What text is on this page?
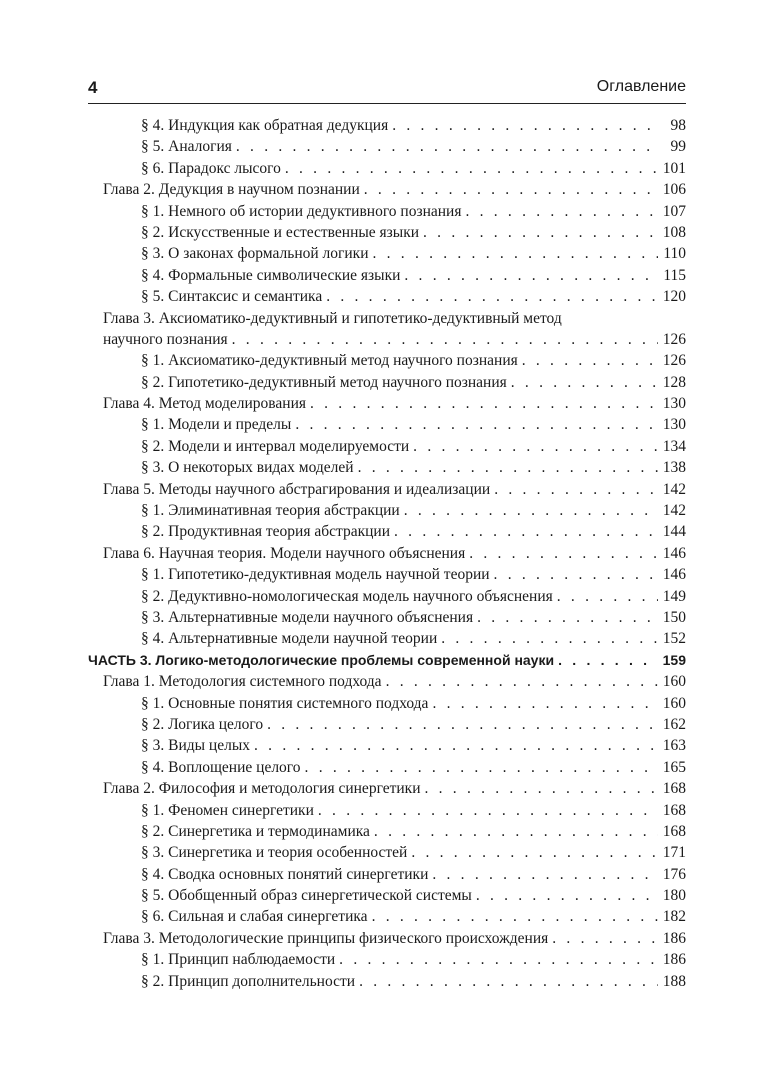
4	Оглавление
§ 4. Индукция как обратная дедукция . . .	98
§ 5. Аналогия . . .	99
§ 6. Парадокс лысого . . .	101
Глава 2. Дедукция в научном познании . . .	106
§ 1. Немного об истории дедуктивного познания . . .	107
§ 2. Искусственные и естественные языки . . .	108
§ 3. О законах формальной логики . . .	110
§ 4. Формальные символические языки . . .	115
§ 5. Синтаксис и семантика . . .	120
Глава 3. Аксиоматико-дедуктивный и гипотетико-дедуктивный метод
научного познания . . .	126
§ 1. Аксиоматико-дедуктивный метод научного познания . . .	126
§ 2. Гипотетико-дедуктивный метод научного познания . . .	128
Глава 4. Метод моделирования . . .	130
§ 1. Модели и пределы . . .	130
§ 2. Модели и интервал моделируемости . . .	134
§ 3. О некоторых видах моделей . . .	138
Глава 5. Методы научного абстрагирования и идеализации . . .	142
§ 1. Элиминативная теория абстракции . . .	142
§ 2. Продуктивная теория абстракции . . .	144
Глава 6. Научная теория. Модели научного объяснения . . .	146
§ 1. Гипотетико-дедуктивная модель научной теории . . .	146
§ 2. Дедуктивно-номологическая модель научного объяснения . . .	149
§ 3. Альтернативные модели научного объяснения . . .	150
§ 4. Альтернативные модели научной теории . . .	152
ЧАСТЬ 3. Логико-методологические проблемы современной науки . . .	159
Глава 1. Методология системного подхода . . .	160
§ 1. Основные понятия системного подхода . . .	160
§ 2. Логика целого . . .	162
§ 3. Виды целых . . .	163
§ 4. Воплощение целого . . .	165
Глава 2. Философия и методология синергетики . . .	168
§ 1. Феномен синергетики . . .	168
§ 2. Синергетика и термодинамика . . .	168
§ 3. Синергетика и теория особенностей . . .	171
§ 4. Сводка основных понятий синергетики . . .	176
§ 5. Обобщенный образ синергетической системы . . .	180
§ 6. Сильная и слабая синергетика . . .	182
Глава 3. Методологические принципы физического происхождения . . .	186
§ 1. Принцип наблюдаемости . . .	186
§ 2. Принцип дополнительности . . .	188
